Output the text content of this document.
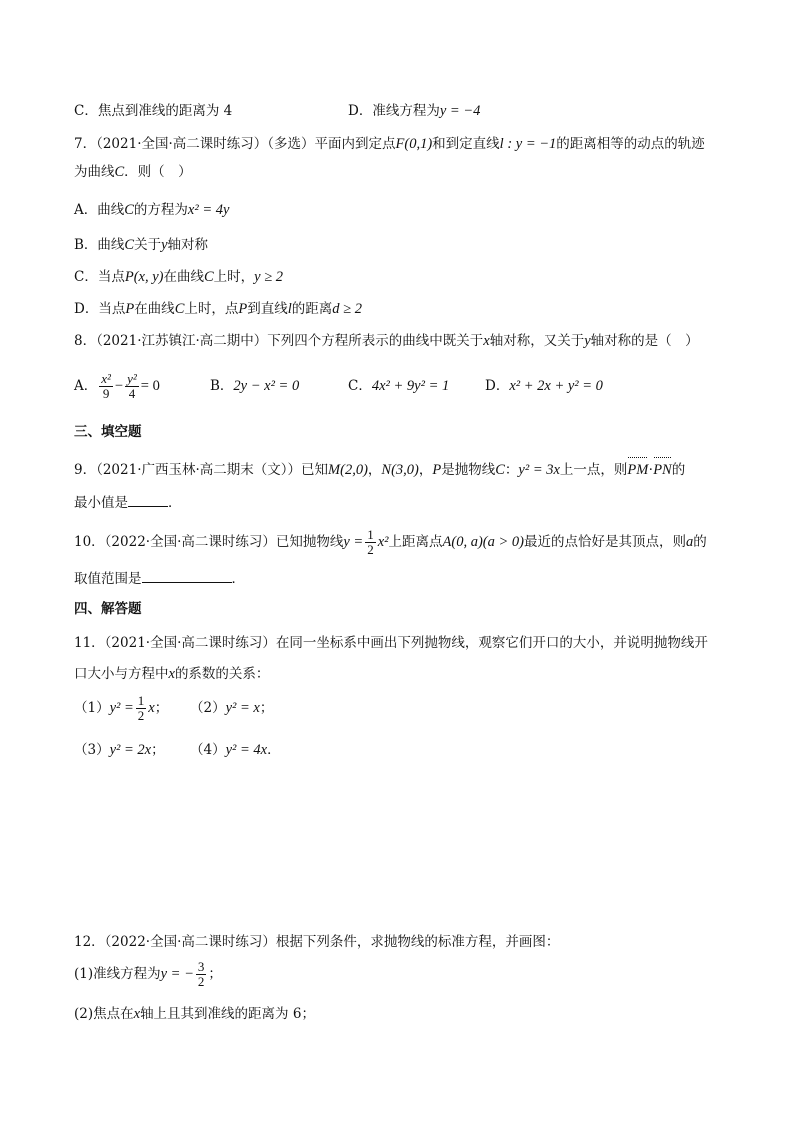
C．焦点到准线的距离为 4	D．准线方程为y = −4
7．（2021·全国·高二课时练习）（多选）平面内到定点F(0,1)和到定直线l : y = −1的距离相等的动点的轨迹
为曲线C．则（　）
A．曲线C的方程为x² = 4y
B．曲线C关于y轴对称
C．当点P(x, y)在曲线C上时，y ≥ 2
D．当点P在曲线C上时，点P到直线l的距离d ≥ 2
8．（2021·江苏镇江·高二期中）下列四个方程所表示的曲线中既关于x轴对称，又关于y轴对称的是（　）
A． $\frac{\text{x²}}{9} - \frac{\text{y²}}{4} = 0$	B．2y − x² = 0	C．4x² + 9y² = 1	D．x² + 2x + y² = 0
三、填空题
9．（2021·广西玉林·高二期末（文））已知M(2,0)，N(3,0)，P是抛物线C：y² = 3x上一点，则PM·PN的
最小值是	．
10．（2022·全国·高二课时练习）已知抛物线$y = \frac{1}{2} x^2$上距离点A(0, a)(a > 0)最近的点恰好是其顶点，则a的
取值范围是	．
四、解答题
11．（2021·全国·高二课时练习）在同一坐标系中画出下列抛物线，观察它们开口的大小，并说明抛物线开
口大小与方程中x的系数的关系：
$(1)y^2 = \frac{1}{2}$ x； （2）y² = x；
（3）y² = 2x； （4）y² = 4x．
12．（2022·全国·高二课时练习）根据下列条件，求抛物线的标准方程，并画图：
(1)准线方程为y = − $\frac{3}{2}$ ；
(2)焦点在x轴上且其到准线的距离为 6；
